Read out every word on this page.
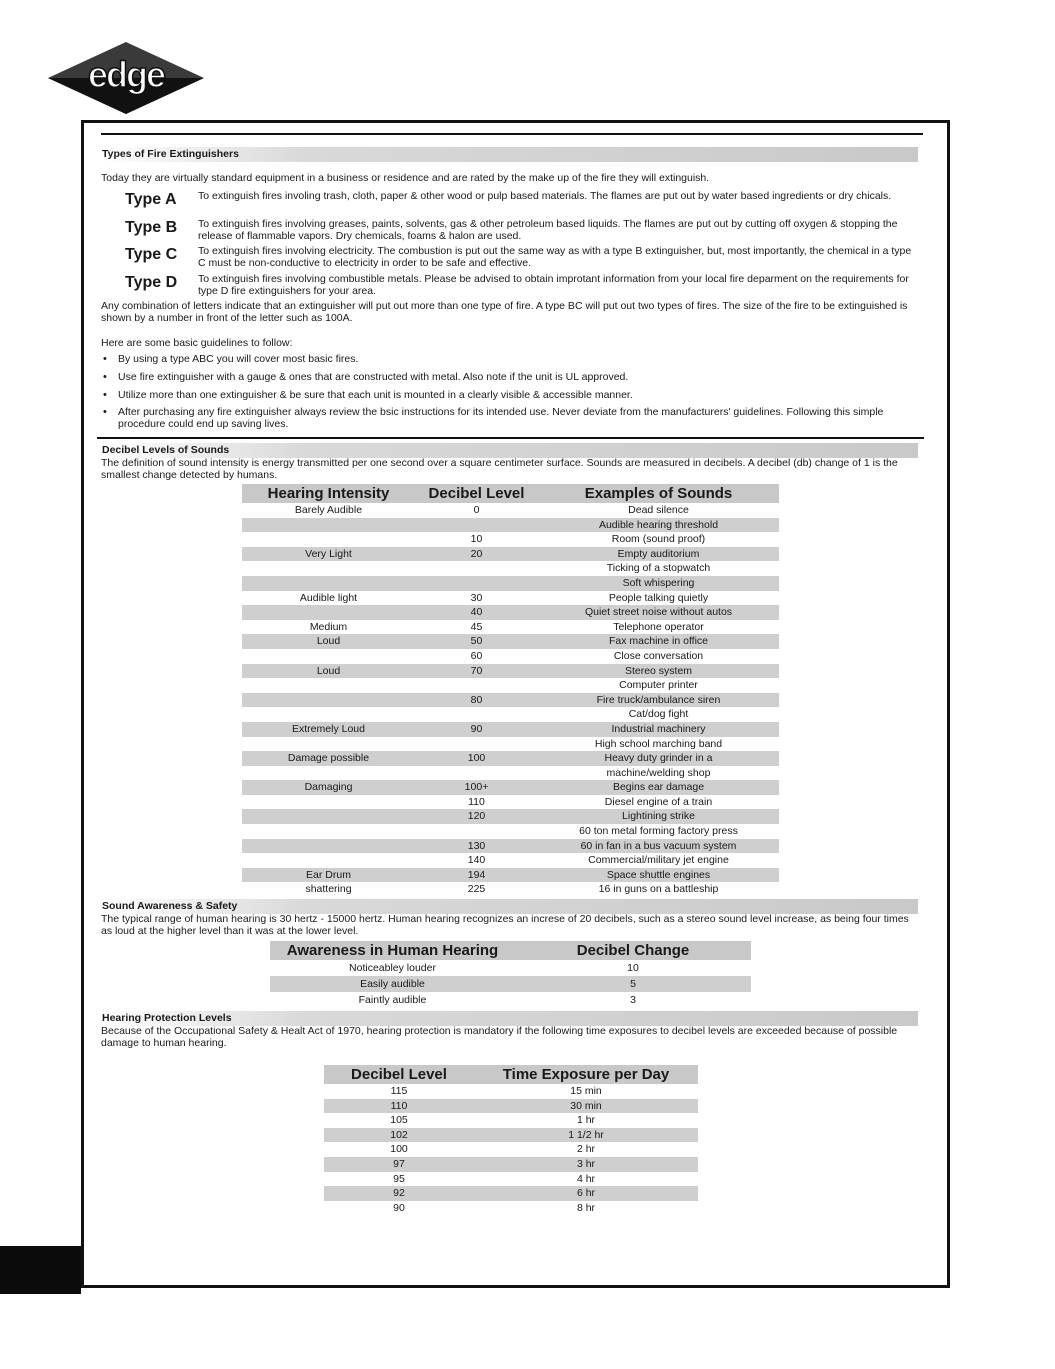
edge
Types of Fire Extinguishers
Today they are virtually standard equipment in a business or residence and are rated by the make up of the fire they will extinguish.
Type A To extinguish fires involing trash, cloth, paper & other wood or pulp based materials. The flames are put out by water based ingredients or dry chicals.
Type B To extinguish fires involving greases, paints, solvents, gas & other petroleum based liquids. The flames are put out by cutting off oxygen & stopping the release of flammable vapors. Dry chemicals, foams & halon are used.
Type C To extinguish fires involving electricity. The combustion is put out the same way as with a type B extinguisher, but, most importantly, the chemical in a type C must be non-conductive to electricity in order to be safe and effective.
Type D To extinguish fires involving combustible metals. Please be advised to obtain improtant information from your local fire deparment on the requirements for type D fire extinguishers for your area.
Any combination of letters indicate that an extinguisher will put out more than one type of fire. A type BC will put out two types of fires. The size of the fire to be extinguished is shown by a number in front of the letter such as 100A.
Here are some basic guidelines to follow:
• By using a type ABC you will cover most basic fires.
• Use fire extinguisher with a gauge & ones that are constructed with metal. Also note if the unit is UL approved.
• Utilize more than one extinguisher & be sure that each unit is mounted in a clearly visible & accessible manner.
• After purchasing any fire extinguisher always review the bsic instructions for its intended use. Never deviate from the manufacturers' guidelines. Following this simple procedure could end up saving lives.
Decibel Levels of Sounds
The definition of sound intensity is energy transmitted per one second over a square centimeter surface. Sounds are measured in decibels. A decibel (db) change of 1 is the smallest change detected by humans.
Hearing Intensity	Decibel Level	Examples of Sounds
Barely Audible	0	Dead silence
		Audible hearing threshold
	10	Room (sound proof)
Very Light	20	Empty auditorium
		Ticking of a stopwatch
		Soft whispering
Audible light	30	People talking quietly
	40	Quiet street noise without autos
Medium	45	Telephone operator
Loud	50	Fax machine in office
	60	Close conversation
Loud	70	Stereo system
		Computer printer
	80	Fire truck/ambulance siren
		Cat/dog fight
Extremely Loud	90	Industrial machinery
		High school marching band
Damage possible	100	Heavy duty grinder in a
		machine/welding shop
Damaging	100+	Begins ear damage
	110	Diesel engine of a train
	120	Lightining strike
		60 ton metal forming factory press
	130	60 in fan in a bus vacuum system
	140	Commercial/military jet engine
Ear Drum	194	Space shuttle engines
shattering	225	16 in guns on a battleship
Sound Awareness & Safety
The typical range of human hearing is 30 hertz - 15000 hertz. Human hearing recognizes an increse of 20 decibels, such as a stereo sound level increase, as being four times as loud at the higher level than it was at the lower level.
Awareness in Human Hearing	Decibel Change
Noticeabley louder	10
Easily audible	5
Faintly audible	3
Hearing Protection Levels
Because of the Occupational Safety & Healt Act of 1970, hearing protection is mandatory if the following time exposures to decibel levels are exceeded because of possible damage to human hearing.
Decibel Level	Time Exposure per Day
115	15 min
110	30 min
105	1 hr
102	1 1/2 hr
100	2 hr
97	3 hr
95	4 hr
92	6 hr
90	8 hr
